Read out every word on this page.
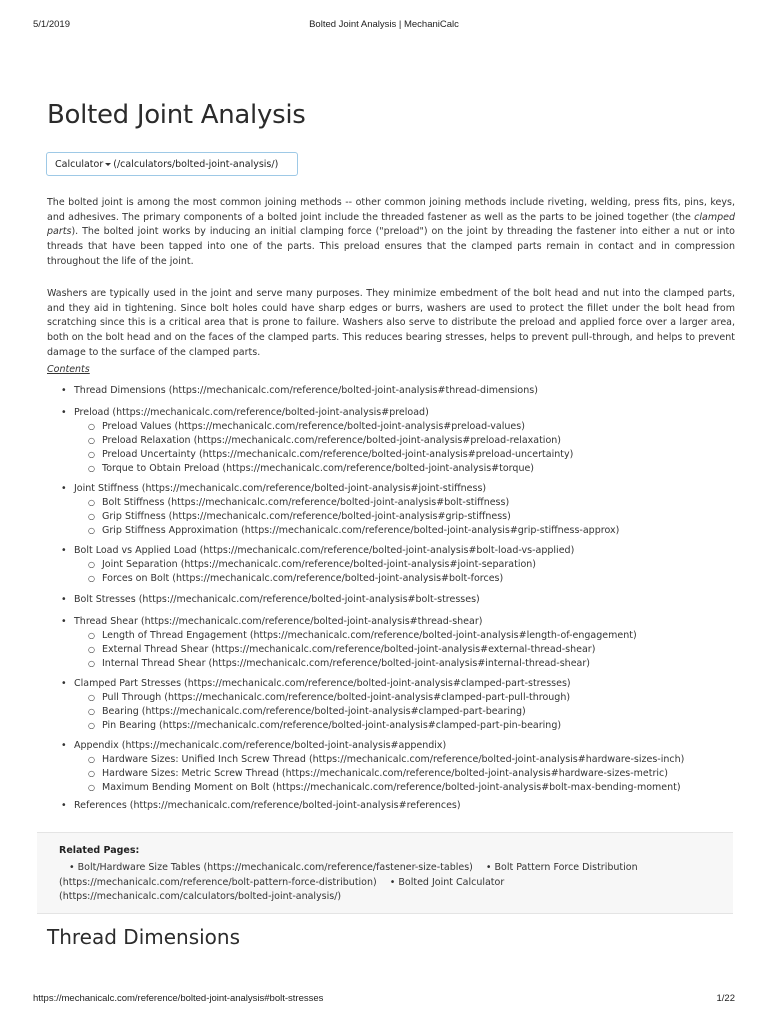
5/1/2019	Bolted Joint Analysis | MechaniCalc
Bolted Joint Analysis
Calculator (/calculators/bolted-joint-analysis/)

The bolted joint is among the most common joining methods -- other common joining methods include riveting, welding, press fits, pins, keys, and adhesives. The primary components of a bolted joint include the threaded fastener as well as the parts to be joined together (the clamped parts). The bolted joint works by inducing an initial clamping force ("preload") on the joint by threading the fastener into either a nut or into threads that have been tapped into one of the parts. This preload ensures that the clamped parts remain in contact and in compression throughout the life of the joint.

Washers are typically used in the joint and serve many purposes. They minimize embedment of the bolt head and nut into the clamped parts, and they aid in tightening. Since bolt holes could have sharp edges or burrs, washers are used to protect the fillet under the bolt head from scratching since this is a critical area that is prone to failure. Washers also serve to distribute the preload and applied force over a larger area, both on the bolt head and on the faces of the clamped parts. This reduces bearing stresses, helps to prevent pull-through, and helps to prevent damage to the surface of the clamped parts.

Contents
• Thread Dimensions (https://mechanicalc.com/reference/bolted-joint-analysis#thread-dimensions)
• Preload (https://mechanicalc.com/reference/bolted-joint-analysis#preload)
○ Preload Values (https://mechanicalc.com/reference/bolted-joint-analysis#preload-values)
○ Preload Relaxation (https://mechanicalc.com/reference/bolted-joint-analysis#preload-relaxation)
○ Preload Uncertainty (https://mechanicalc.com/reference/bolted-joint-analysis#preload-uncertainty)
○ Torque to Obtain Preload (https://mechanicalc.com/reference/bolted-joint-analysis#torque)
• Joint Stiffness (https://mechanicalc.com/reference/bolted-joint-analysis#joint-stiffness)
○ Bolt Stiffness (https://mechanicalc.com/reference/bolted-joint-analysis#bolt-stiffness)
○ Grip Stiffness (https://mechanicalc.com/reference/bolted-joint-analysis#grip-stiffness)
○ Grip Stiffness Approximation (https://mechanicalc.com/reference/bolted-joint-analysis#grip-stiffness-approx)
• Bolt Load vs Applied Load (https://mechanicalc.com/reference/bolted-joint-analysis#bolt-load-vs-applied)
○ Joint Separation (https://mechanicalc.com/reference/bolted-joint-analysis#joint-separation)
○ Forces on Bolt (https://mechanicalc.com/reference/bolted-joint-analysis#bolt-forces)
• Bolt Stresses (https://mechanicalc.com/reference/bolted-joint-analysis#bolt-stresses)
• Thread Shear (https://mechanicalc.com/reference/bolted-joint-analysis#thread-shear)
○ Length of Thread Engagement (https://mechanicalc.com/reference/bolted-joint-analysis#length-of-engagement)
○ External Thread Shear (https://mechanicalc.com/reference/bolted-joint-analysis#external-thread-shear)
○ Internal Thread Shear (https://mechanicalc.com/reference/bolted-joint-analysis#internal-thread-shear)
• Clamped Part Stresses (https://mechanicalc.com/reference/bolted-joint-analysis#clamped-part-stresses)
○ Pull Through (https://mechanicalc.com/reference/bolted-joint-analysis#clamped-part-pull-through)
○ Bearing (https://mechanicalc.com/reference/bolted-joint-analysis#clamped-part-bearing)
○ Pin Bearing (https://mechanicalc.com/reference/bolted-joint-analysis#clamped-part-pin-bearing)
• Appendix (https://mechanicalc.com/reference/bolted-joint-analysis#appendix)
○ Hardware Sizes: Unified Inch Screw Thread (https://mechanicalc.com/reference/bolted-joint-analysis#hardware-sizes-inch)
○ Hardware Sizes: Metric Screw Thread (https://mechanicalc.com/reference/bolted-joint-analysis#hardware-sizes-metric)
○ Maximum Bending Moment on Bolt (https://mechanicalc.com/reference/bolted-joint-analysis#bolt-max-bending-moment)
• References (https://mechanicalc.com/reference/bolted-joint-analysis#references)
Related Pages:
• Bolt/Hardware Size Tables (https://mechanicalc.com/reference/fastener-size-tables) • Bolt Pattern Force Distribution (https://mechanicalc.com/reference/bolt-pattern-force-distribution) • Bolted Joint Calculator (https://mechanicalc.com/calculators/bolted-joint-analysis/)
Thread Dimensions
https://mechanicalc.com/reference/bolted-joint-analysis#bolt-stresses	1/22
